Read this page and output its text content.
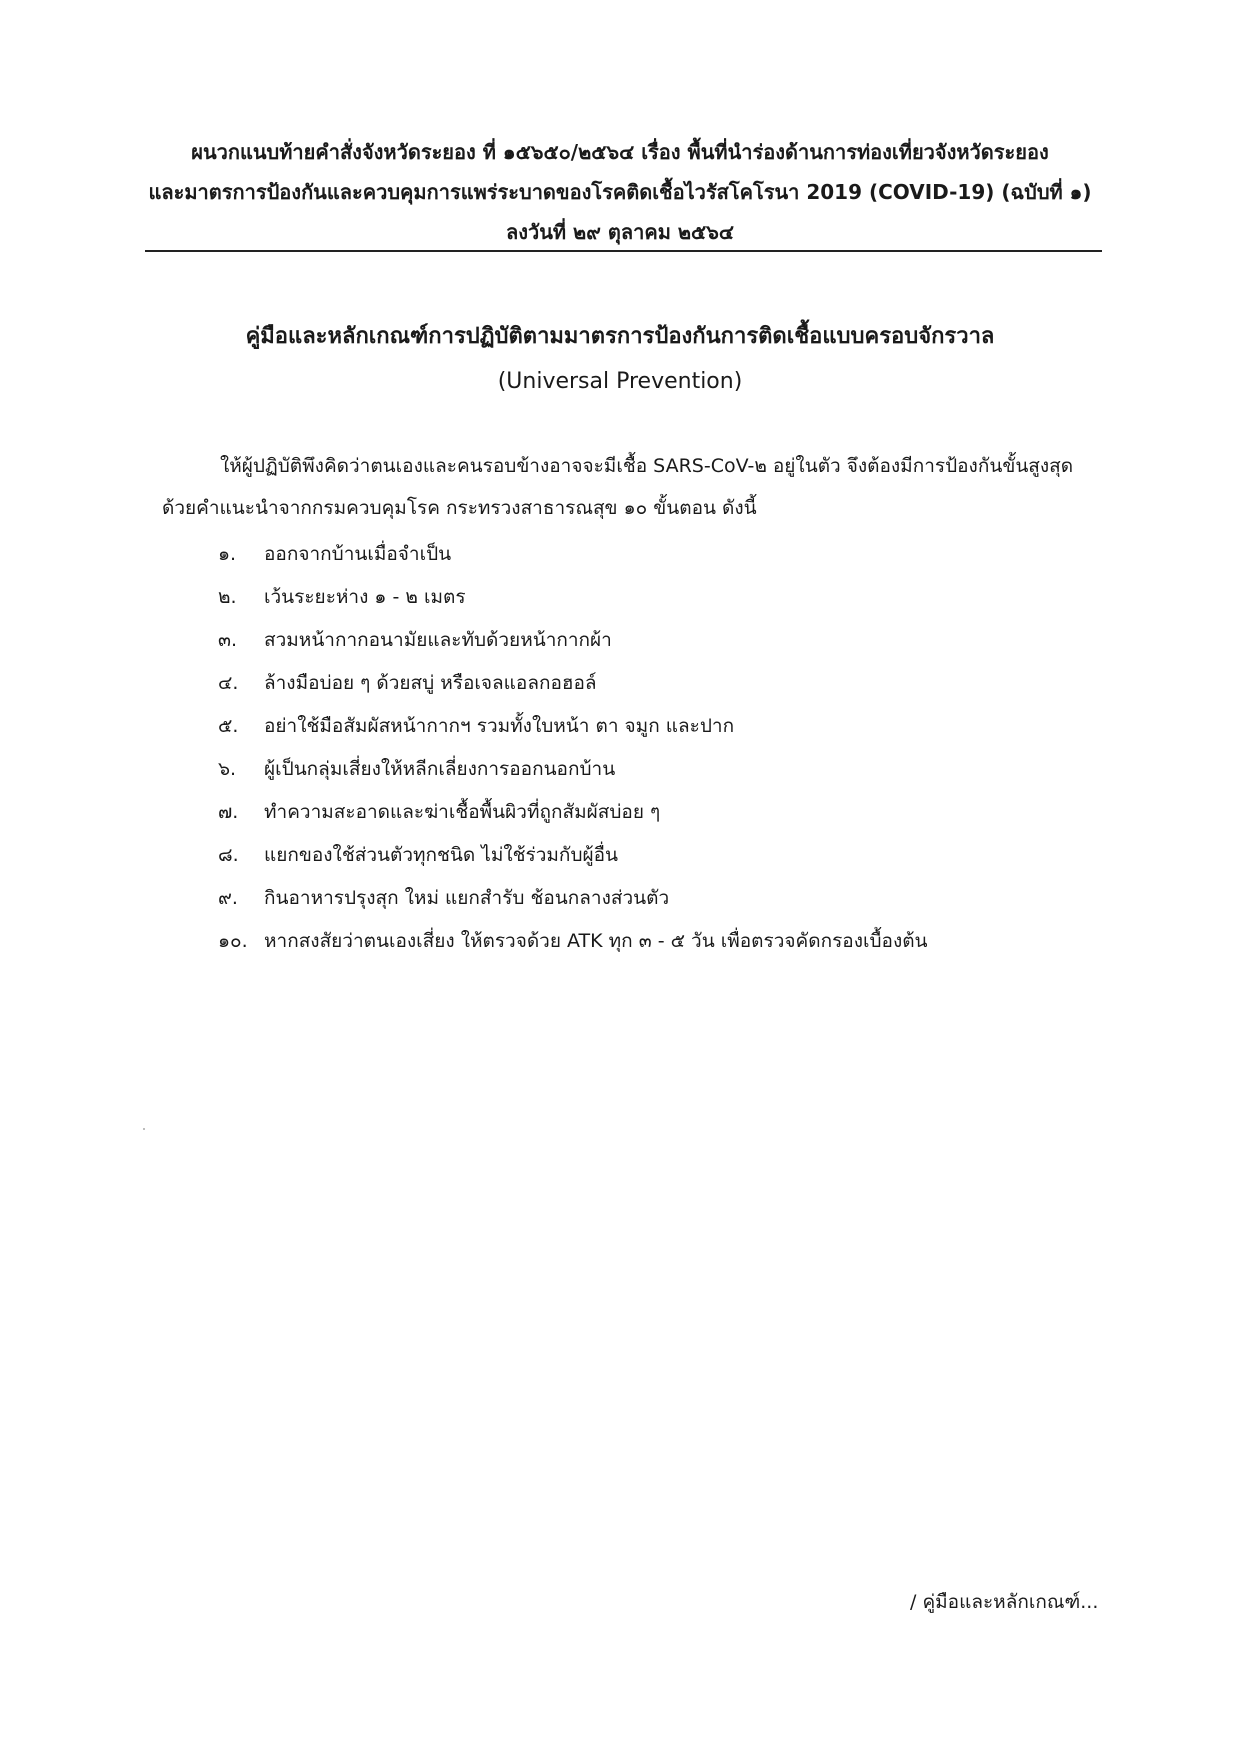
ผนวกแนบท้ายคำสั่งจังหวัดระยอง ที่ ๑๕๖๕๐/๒๕๖๔ เรื่อง พื้นที่นำร่องด้านการท่องเที่ยวจังหวัดระยอง
และมาตรการป้องกันและควบคุมการแพร่ระบาดของโรคติดเชื้อไวรัสโคโรนา 2019 (COVID-19) (ฉบับที่ ๑)
ลงวันที่ ๒๙ ตุลาคม ๒๕๖๔
คู่มือและหลักเกณฑ์การปฏิบัติตามมาตรการป้องกันการติดเชื้อแบบครอบจักรวาล
(Universal Prevention)
ให้ผู้ปฏิบัติพึงคิดว่าตนเองและคนรอบข้างอาจจะมีเชื้อ SARS-CoV-๒ อยู่ในตัว จึงต้องมีการป้องกันขั้นสูงสุด
ด้วยคำแนะนำจากกรมควบคุมโรค กระทรวงสาธารณสุข ๑๐ ขั้นตอน ดังนี้
๑. ออกจากบ้านเมื่อจำเป็น
๒. เว้นระยะห่าง ๑ - ๒ เมตร
๓. สวมหน้ากากอนามัยและทับด้วยหน้ากากผ้า
๔. ล้างมือบ่อย ๆ ด้วยสบู่ หรือเจลแอลกอฮอล์
๕. อย่าใช้มือสัมผัสหน้ากากฯ รวมทั้งใบหน้า ตา จมูก และปาก
๖. ผู้เป็นกลุ่มเสี่ยงให้หลีกเลี่ยงการออกนอกบ้าน
๗. ทำความสะอาดและฆ่าเชื้อพื้นผิวที่ถูกสัมผัสบ่อย ๆ
๘. แยกของใช้ส่วนตัวทุกชนิด ไม่ใช้ร่วมกับผู้อื่น
๙. กินอาหารปรุงสุก ใหม่ แยกสำรับ ช้อนกลางส่วนตัว
๑๐. หากสงสัยว่าตนเองเสี่ยง ให้ตรวจด้วย ATK ทุก ๓ - ๕ วัน เพื่อตรวจคัดกรองเบื้องต้น
/ คู่มือและหลักเกณฑ์...
